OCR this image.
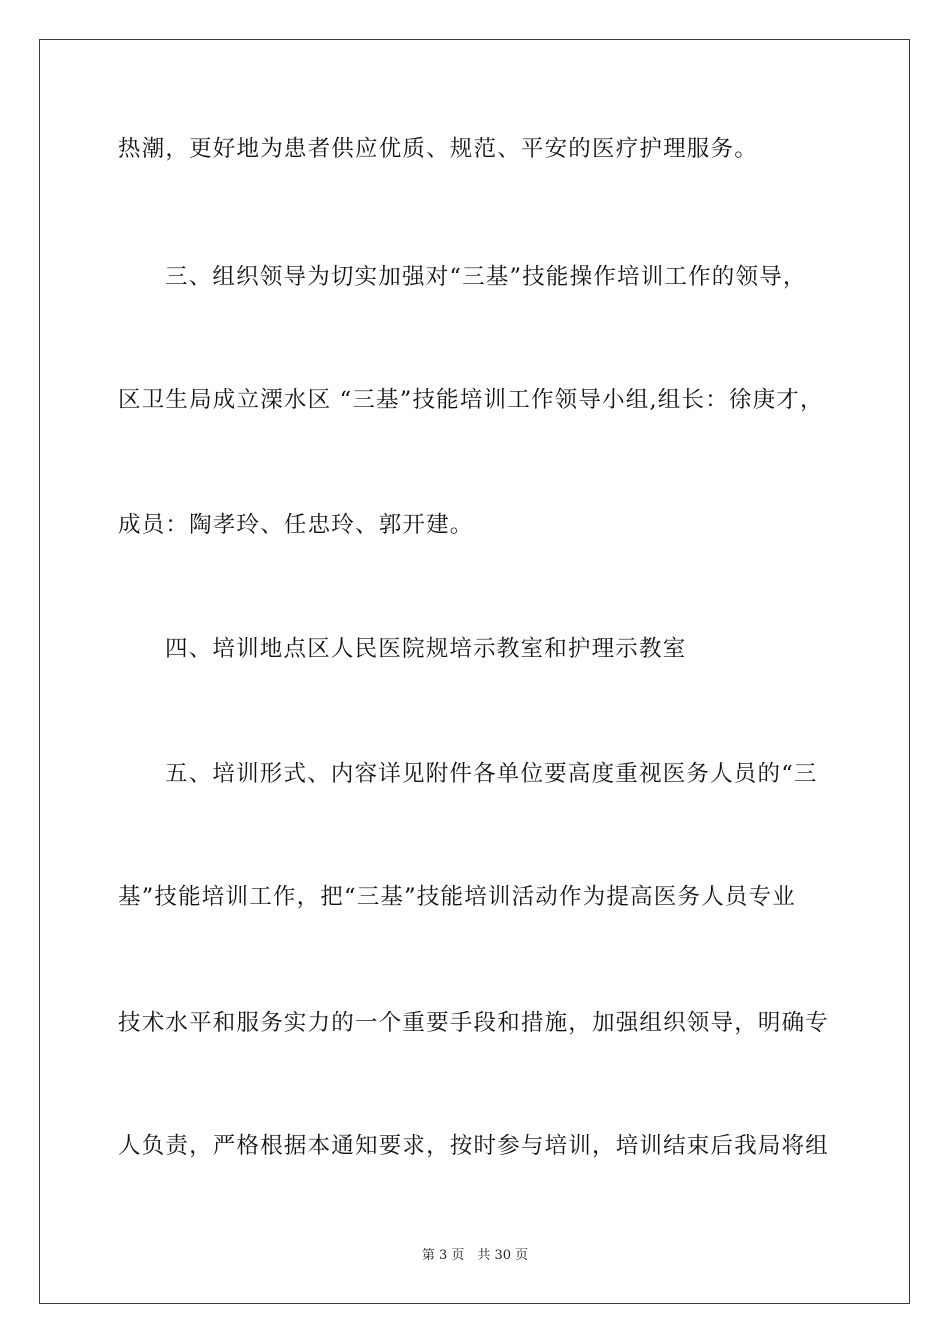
热潮，更好地为患者供应优质、规范、平安的医疗护理服务。
三、组织领导为切实加强对“三基”技能操作培训工作的领导，
区卫生局成立溧水区 “三基”技能培训工作领导小组,组长：徐庚才，
成员：陶孝玲、任忠玲、郭开建。
四、培训地点区人民医院规培示教室和护理示教室
五、培训形式、内容详见附件各单位要高度重视医务人员的“三
基”技能培训工作，把“三基”技能培训活动作为提高医务人员专业
技术水平和服务实力的一个重要手段和措施，加强组织领导，明确专
人负责，严格根据本通知要求，按时参与培训，培训结束后我局将组
第 3 页　共 30 页
